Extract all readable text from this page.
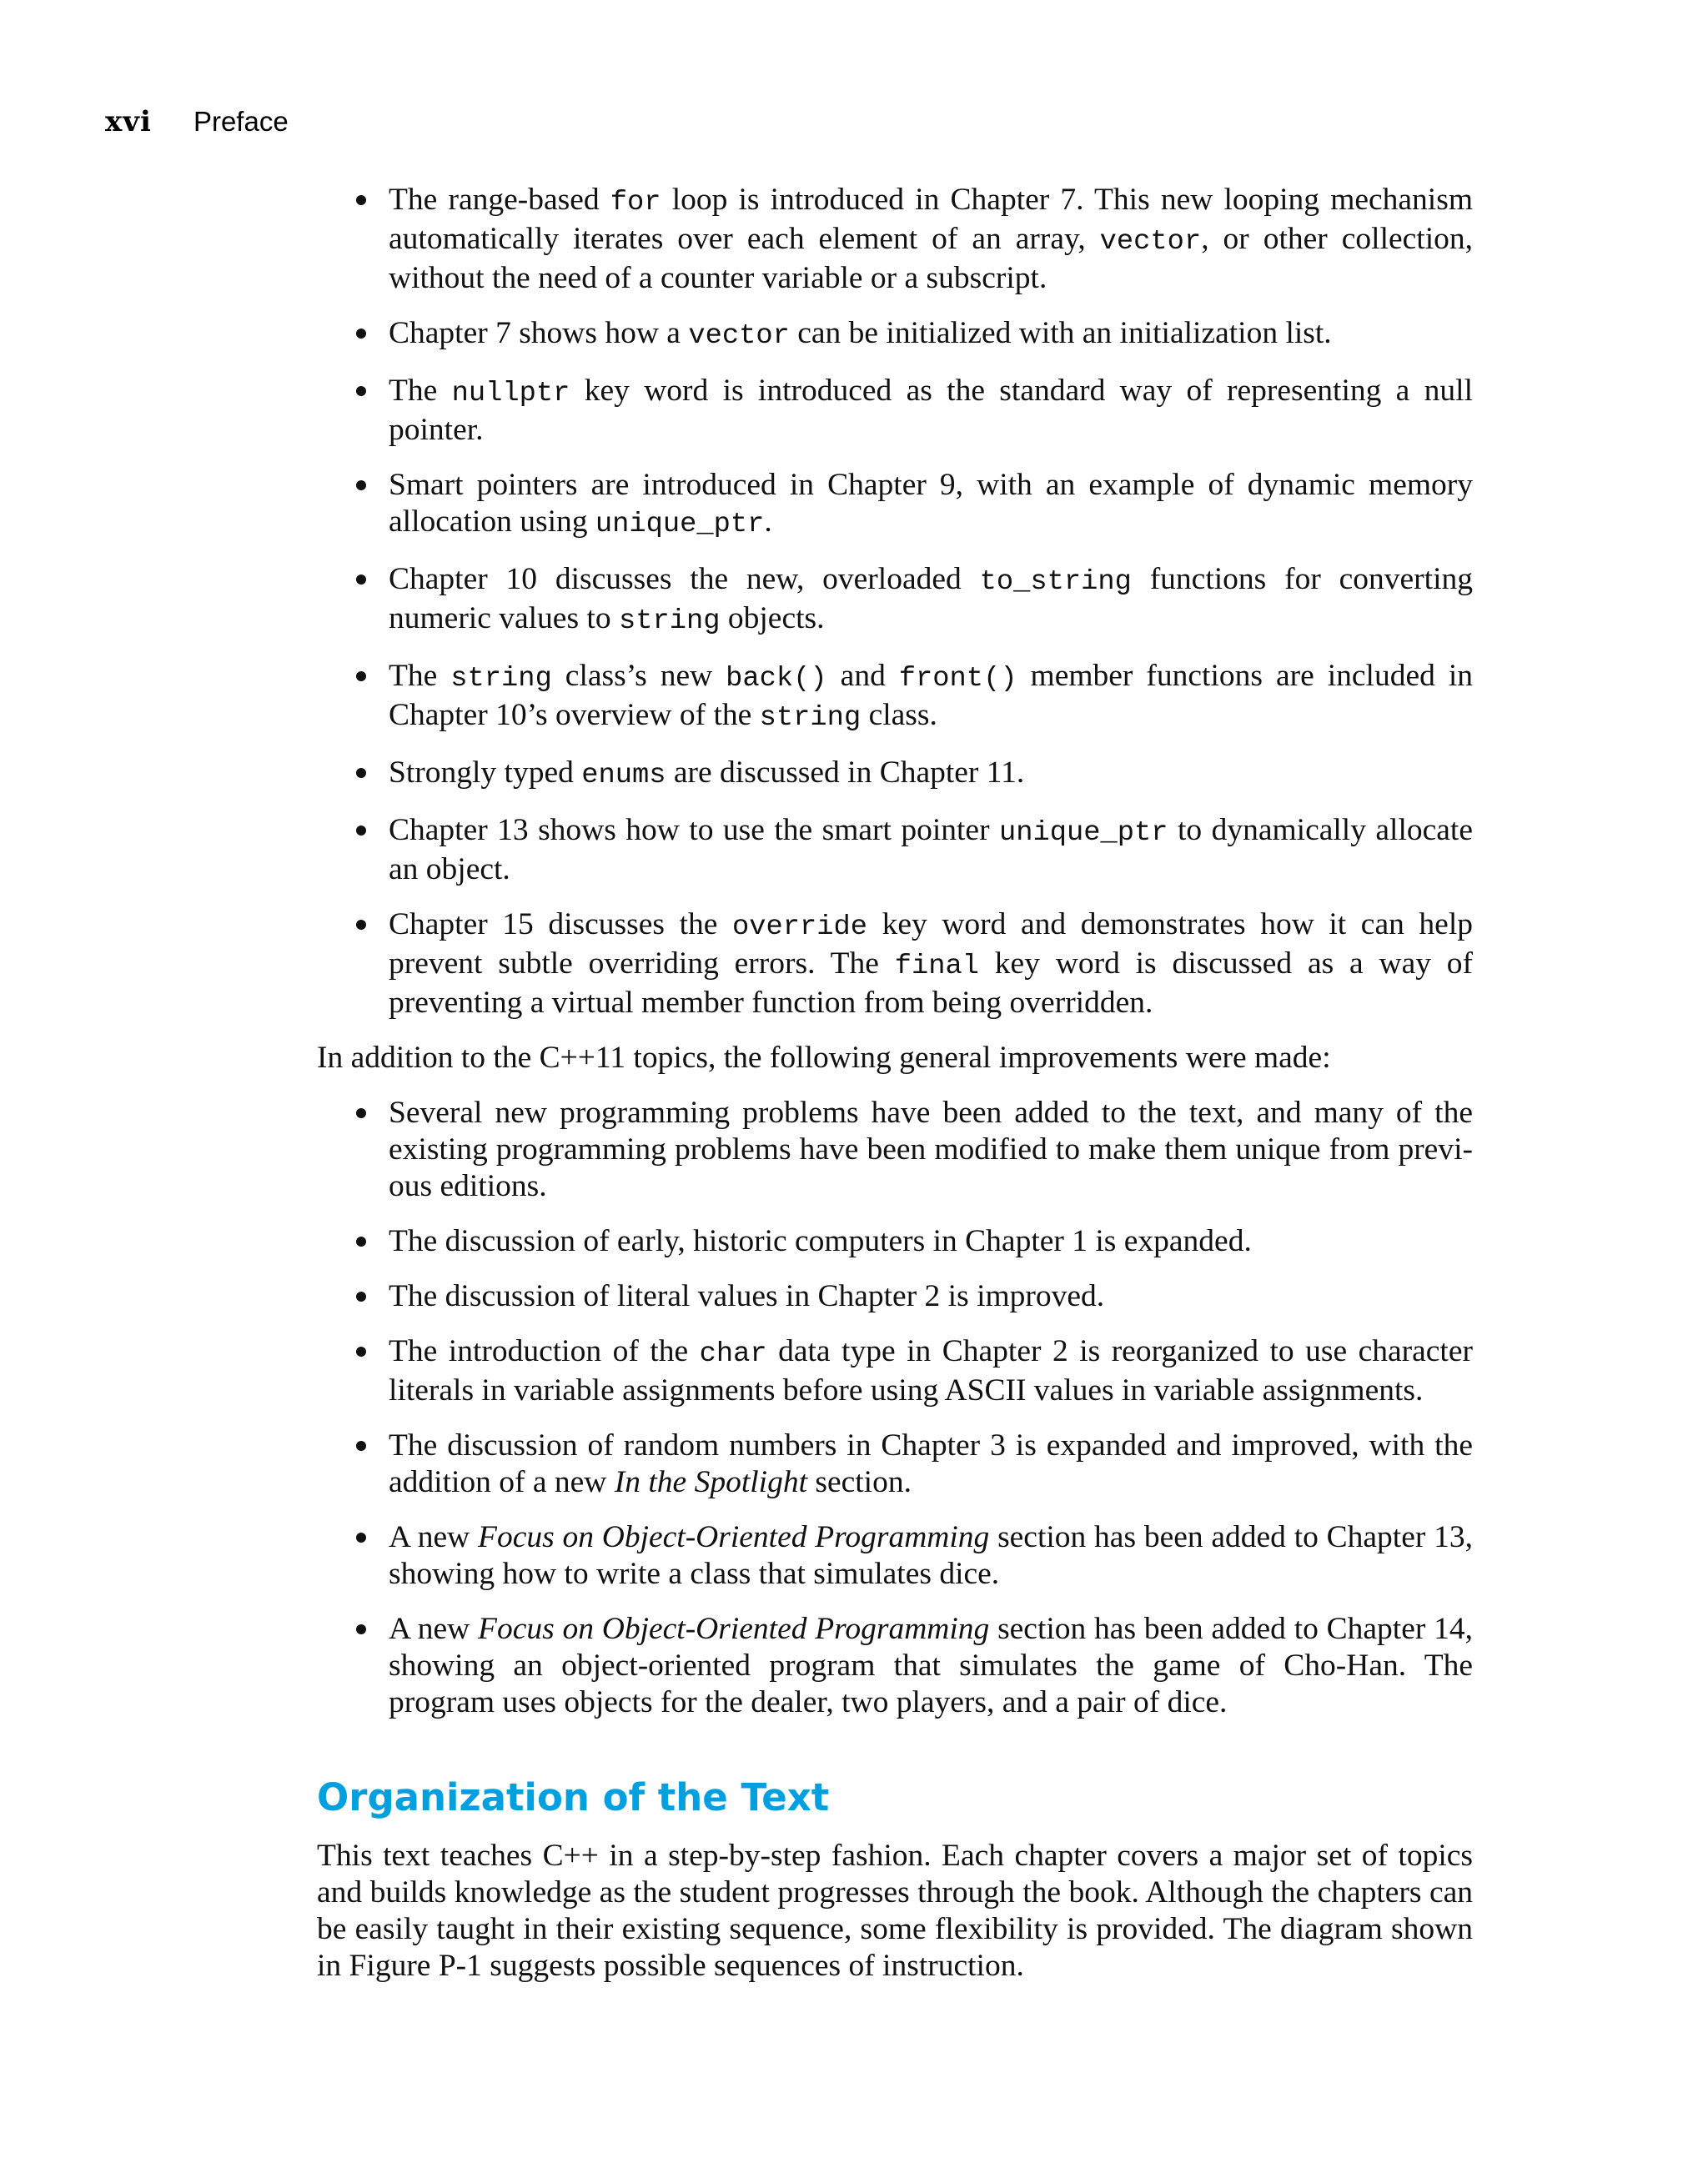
xvi Preface
The range-based for loop is introduced in Chapter 7. This new looping mechanism automatically iterates over each element of an array, vector, or other collection, without the need of a counter variable or a subscript.
Chapter 7 shows how a vector can be initialized with an initialization list.
The nullptr key word is introduced as the standard way of representing a null pointer.
Smart pointers are introduced in Chapter 9, with an example of dynamic memory allocation using unique_ptr.
Chapter 10 discusses the new, overloaded to_string functions for converting numeric values to string objects.
The string class’s new back() and front() member functions are included in Chapter 10’s overview of the string class.
Strongly typed enums are discussed in Chapter 11.
Chapter 13 shows how to use the smart pointer unique_ptr to dynamically allocate an object.
Chapter 15 discusses the override key word and demonstrates how it can help prevent subtle overriding errors. The final key word is discussed as a way of preventing a virtual member function from being overridden.

In addition to the C++11 topics, the following general improvements were made:

Several new programming problems have been added to the text, and many of the existing programming problems have been modified to make them unique from previous editions.
The discussion of early, historic computers in Chapter 1 is expanded.
The discussion of literal values in Chapter 2 is improved.
The introduction of the char data type in Chapter 2 is reorganized to use character literals in variable assignments before using ASCII values in variable assignments.
The discussion of random numbers in Chapter 3 is expanded and improved, with the addition of a new In the Spotlight section.
A new Focus on Object-Oriented Programming section has been added to Chapter 13, showing how to write a class that simulates dice.
A new Focus on Object-Oriented Programming section has been added to Chapter 14, showing an object-oriented program that simulates the game of Cho-Han. The program uses objects for the dealer, two players, and a pair of dice.
Organization of the Text

This text teaches C++ in a step-by-step fashion. Each chapter covers a major set of topics and builds knowledge as the student progresses through the book. Although the chapters can be easily taught in their existing sequence, some flexibility is provided. The diagram shown in Figure P-1 suggests possible sequences of instruction.
